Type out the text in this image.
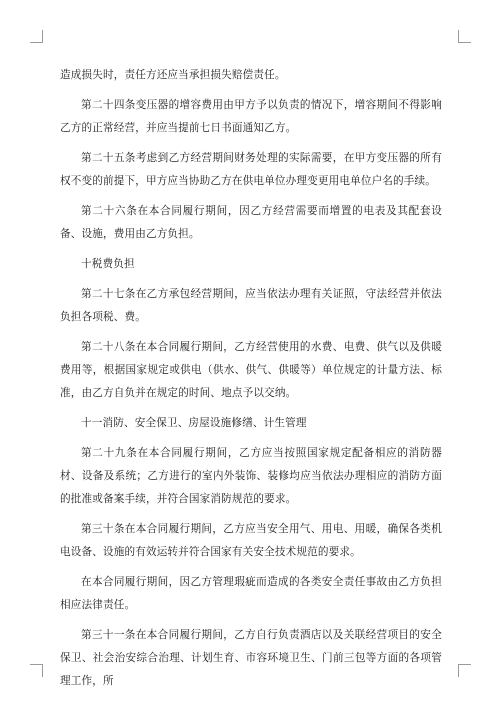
造成损失时，责任方还应当承担损失赔偿责任。

第二十四条变压器的增容费用由甲方予以负责的情况下，增容期间不得影响乙方的正常经营，并应当提前七日书面通知乙方。

第二十五条考虑到乙方经营期间财务处理的实际需要，在甲方变压器的所有权不变的前提下，甲方应当协助乙方在供电单位办理变更用电单位户名的手续。

第二十六条在本合同履行期间，因乙方经营需要而增置的电表及其配套设备、设施，费用由乙方负担。

十税费负担

第二十七条在乙方承包经营期间，应当依法办理有关证照，守法经营并依法负担各项税、费。

第二十八条在本合同履行期间，乙方经营使用的水费、电费、供气以及供暖费用等，根据国家规定或供电（供水、供气、供暖等）单位规定的计量方法、标准，由乙方自负并在规定的时间、地点予以交纳。

十一消防、安全保卫、房屋设施修缮、计生管理

第二十九条在本合同履行期间，乙方应当按照国家规定配备相应的消防器材、设备及系统；乙方进行的室内外装饰、装修均应当依法办理相应的消防方面的批准或备案手续，并符合国家消防规范的要求。

第三十条在本合同履行期间，乙方应当安全用气、用电、用暖，确保各类机电设备、设施的有效运转并符合国家有关安全技术规范的要求。

在本合同履行期间，因乙方管理瑕疵而造成的各类安全责任事故由乙方负担相应法律责任。

第三十一条在本合同履行期间，乙方自行负责酒店以及关联经营项目的安全保卫、社会治安综合治理、计划生育、市容环境卫生、门前三包等方面的各项管理工作，所
